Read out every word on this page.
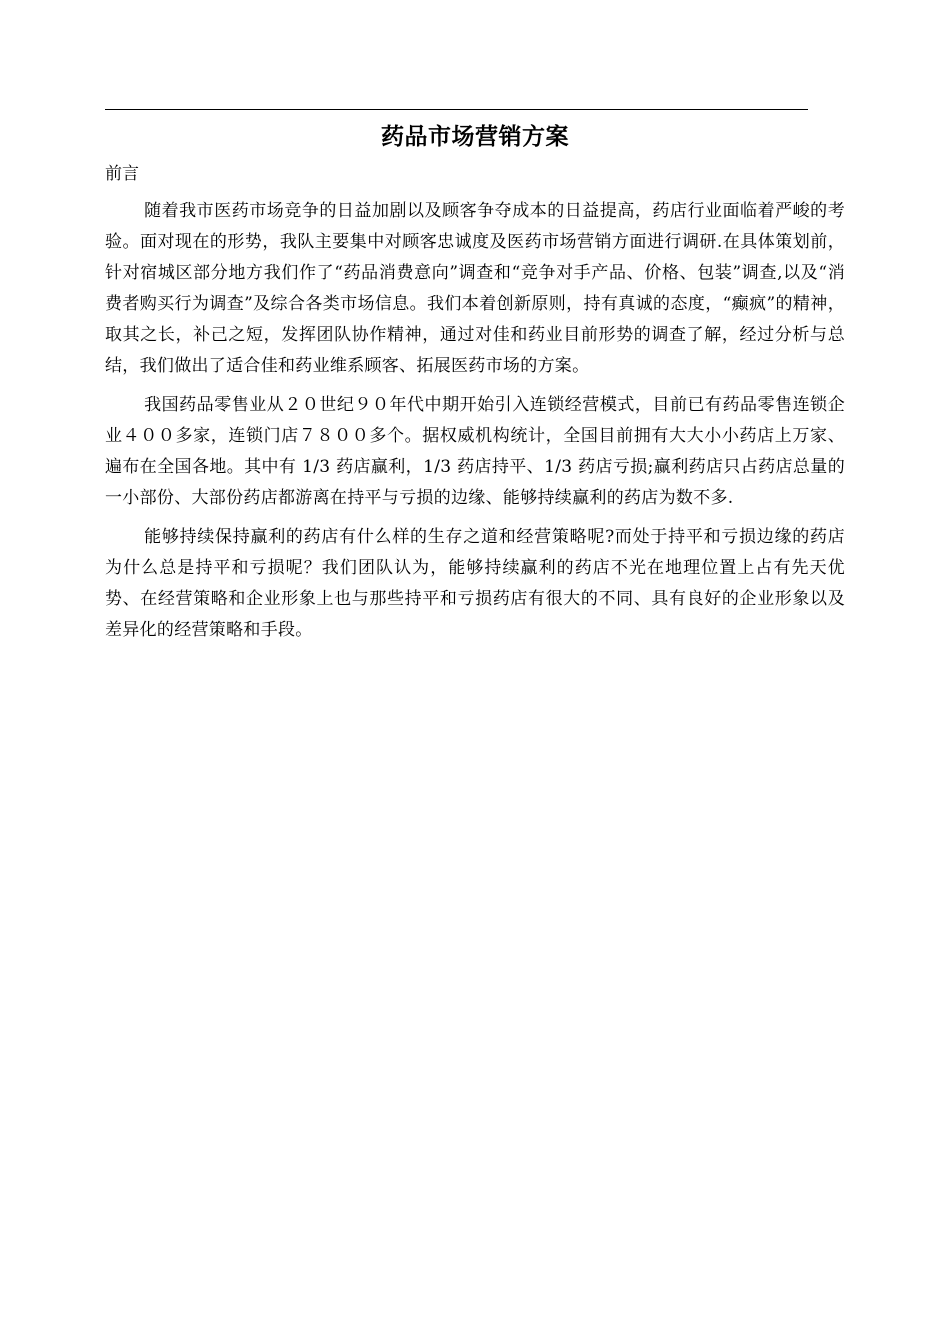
药品市场营销方案
前言

随着我市医药市场竞争的日益加剧以及顾客争夺成本的日益提高，药店行业面临着严峻的考验。面对现在的形势，我队主要集中对顾客忠诚度及医药市场营销方面进行调研.在具体策划前，针对宿城区部分地方我们作了“药品消费意向”调查和“竞争对手产品、价格、包装”调查,以及“消费者购买行为调查”及综合各类市场信息。我们本着创新原则，持有真诚的态度，“癫疯”的精神，取其之长，补己之短，发挥团队协作精神，通过对佳和药业目前形势的调查了解，经过分析与总结，我们做出了适合佳和药业维系顾客、拓展医药市场的方案。

我国药品零售业从２０世纪９０年代中期开始引入连锁经营模式，目前已有药品零售连锁企业４００多家，连锁门店７８００多个。据权威机构统计，全国目前拥有大大小小药店上万家、遍布在全国各地。其中有 1/3 药店赢利，1/3 药店持平、1/3 药店亏损;赢利药店只占药店总量的一小部份、大部份药店都游离在持平与亏损的边缘、能够持续赢利的药店为数不多.

能够持续保持赢利的药店有什么样的生存之道和经营策略呢?而处于持平和亏损边缘的药店为什么总是持平和亏损呢？我们团队认为，能够持续赢利的药店不光在地理位置上占有先天优势、在经营策略和企业形象上也与那些持平和亏损药店有很大的不同、具有良好的企业形象以及差异化的经营策略和手段。
